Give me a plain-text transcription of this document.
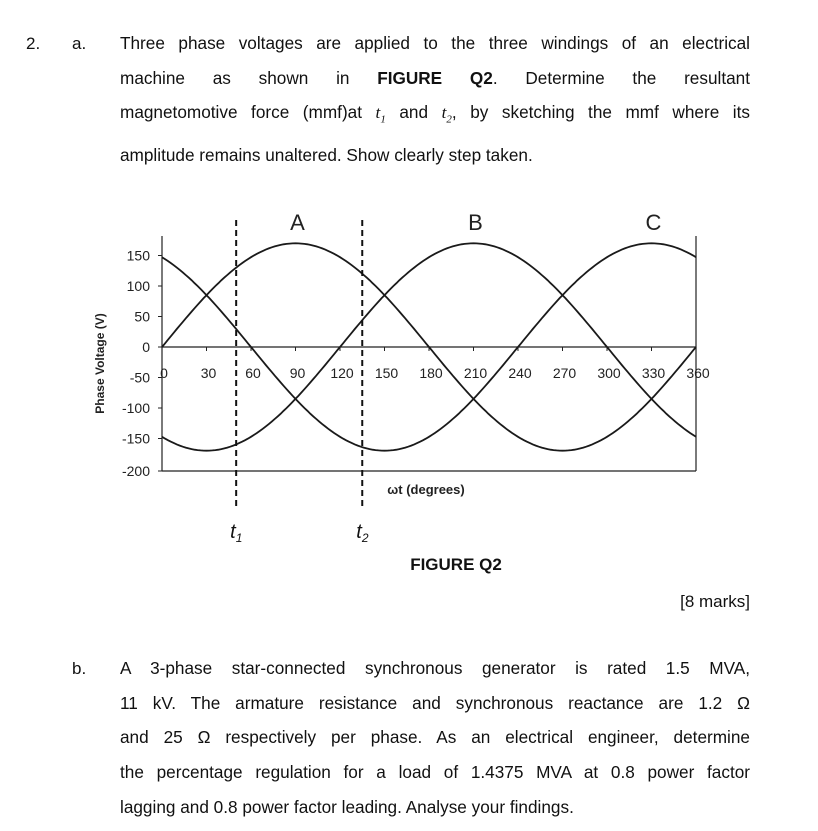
2. a. Three phase voltages are applied to the three windings of an electrical
machine as shown in FIGURE Q2. Determine the resultant
magnetomotive force (mmf)at $t_1$ and $t_2$, by sketching the mmf where its
amplitude remains unaltered. Show clearly step taken.
150
100
50
0
-50
-100
-150
-200
0 30 60 90 120 150 180 210 240 270 300 330 360
Phase Voltage (V)
ωt (degrees)
A	B	C
$t_1$	$t_2$
FIGURE Q2
[8 marks]
b. A 3-phase star-connected synchronous generator is rated 1.5 MVA,
11 kV. The armature resistance and synchronous reactance are 1.2 Ω
and 25 Ω respectively per phase. As an electrical engineer, determine
the percentage regulation for a load of 1.4375 MVA at 0.8 power factor
lagging and 0.8 power factor leading. Analyse your findings.
